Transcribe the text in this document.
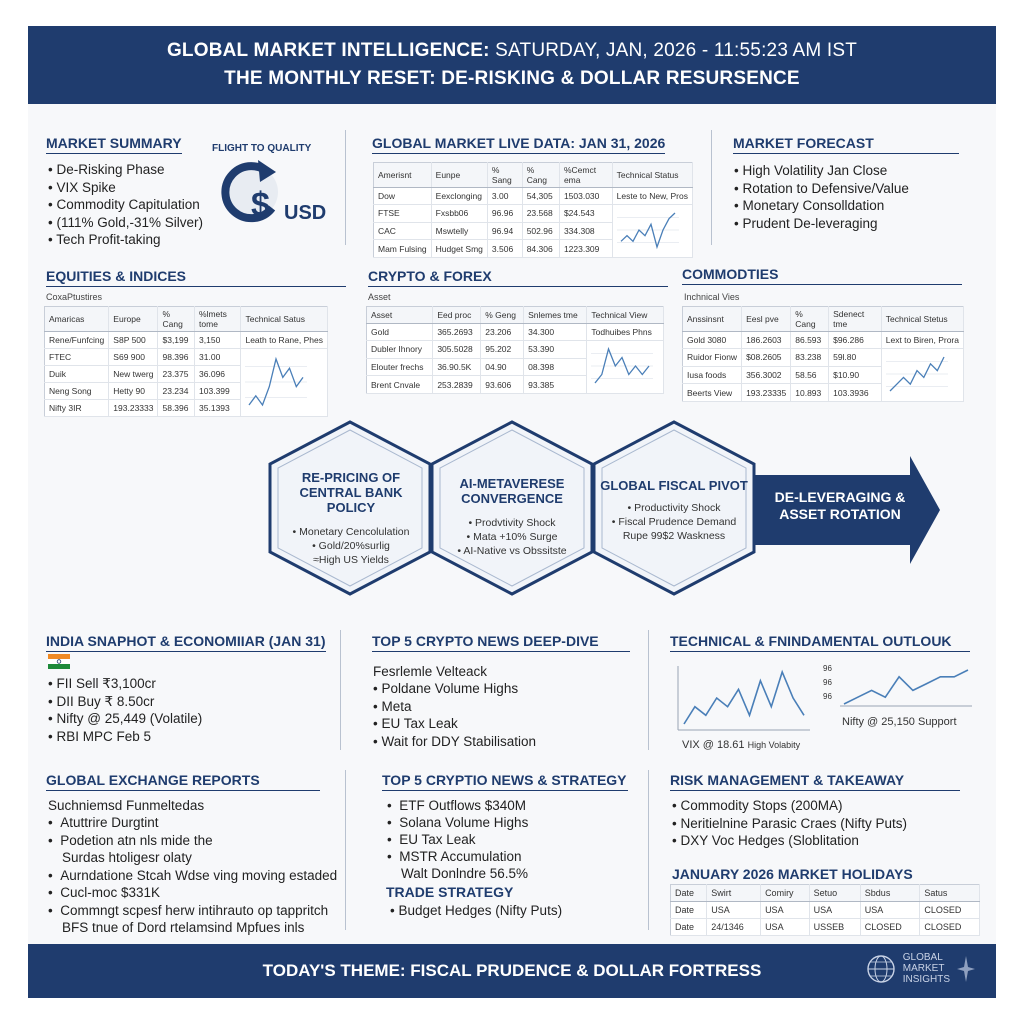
GLOBAL MARKET INTELLIGENCE: SATURDAY, JAN, 2026 - 11:55:23 AM IST
THE MONTHLY RESET: DE-RISKING & DOLLAR RESURSENCE
MARKET SUMMARY
• De-Risking Phase
• VIX Spike
• Commodity Capitulation
• (111% Gold,-31% Silver)
• Tech Profit-taking
FLIGHT TO QUALITY
$ USD
GLOBAL MARKET LIVE DATA: JAN 31, 2026
Amerisnt	Eunpe	% Sang	% Cang	%Cemct ema	Technical Status
Dow	Eexclonging	3.00	54,305	1503.030	Leste to New, Pros
FTSE	Fxsbb06	96.96	23.568	$24.543	
CAC	Mswtelly	96.94	502.96	334.308	
Mam Fulsing	Hudget Smg	3.506	84.306	1223.309	
MARKET FORECAST
• High Volatility Jan Close
• Rotation to Defensive/Value
• Monetary Consolldation
• Prudent De-leveraging
EQUITIES & INDICES
CoxaPtustires
Amaricas	Europe	% Cang	%lmets tome	Technical Satus
Rene/Funfcing	S8P 500	$3,199	3,150	Leath to Rane, Phes
FTEC	S69 900	98.396	31.00	
Duik	New twerg	23.375	36.096	
Neng Song	Hetty 90	23.234	103.399	
Nifty 3IR	193.23333	58.396	35.1393	
CRYPTO & FOREX
Asset
Asset	Eed proc	% Geng	Snlemes tme	Technical View
Gold	365.2693	23.206	34.300	Todhuibes Phns
Dubler Ihnory	305.5028	95.202	53.390	
Elouter frechs	36.90.5K	04.90	08.398	
Brent Cnvale	253.2839	93.606	93.385	
COMMODTIES
Inchnical Vies
Anssinsnt	Eesl pve	% Cang	Sdenect tme	Technical Stetus
Gold 3080	186.2603	86.593	$96.286	Lext to Biren, Prora
Ruidor Fionw	$08.2605	83.238	59l.80	
Iusa foods	356.3002	58.56	$10.90	
Beerts View	193.23335	10.893	103.3936	
RE-PRICING OF CENTRAL BANK POLICY
• Monetary Cencolulation
• Gold/20%surlig
≈High US Yields
AI-METAVERESE CONVERGENCE
• Prodvtivity Shock
• Mata +10% Surge
• AI-Native vs Obssitste
GLOBAL FISCAL PIVOT
• Productivity Shock
• Fiscal Prudence Demand
Rupe 99$2 Waskness
DE-LEVERAGING & ASSET ROTATION
INDIA SNAPHOT & ECONOMIIAR (JAN 31)
• FII Sell ₹3,100cr
• DII Buy ₹ 8.50cr
• Nifty @ 25,449 (Volatile)
• RBI MPC Feb 5
TOP 5 CRYPTO NEWS DEEP-DIVE
Fesrlemle Velteack
• Poldane Volume Highs
• Meta
• EU Tax Leak
• Wait for DDY Stabilisation
TECHNICAL & FNINDAMENTAL OUTLOUK
96
96
96
VIX @ 18.61 High Volabity
Nifty @ 25,150 Support
GLOBAL EXCHANGE REPORTS
Suchniemsd Funmeltedas
•  Atuttrire Durgtint
•  Podetion atn nls mide the
Surdas htoligesr olaty
•  Aurndatione Stcah Wdse ving moving estaded
•  Cucl-moc $331K
•  Commngt scpesf herw intihrauto op tappritch
BFS tnue of Dord rtelamsind Mpfues inls
TOP 5 CRYPTIO NEWS & STRATEGY
•  ETF Outflows $340M
•  Solana Volume Highs
•  EU Tax Leak
•  MSTR Accumulation
Walt Donlndre 56.5%
TRADE STRATEGY
• Budget Hedges (Nifty Puts)
RISK MANAGEMENT & TAKEAWAY
• Commodity Stops (200MA)
• Neritielnine Parasic Craes (Nifty Puts)
• DXY Voc Hedges (Sloblitation
JANUARY 2026 MARKET HOLIDAYS
Date	Swirt	Comiry	Setuo	Sbdus	Satus
Date	USA	USA	USA	USA	CLOSED
Date	24/1346	USA	USSEB	CLOSED	CLOSED
TODAY'S THEME: FISCAL PRUDENCE & DOLLAR FORTRESS
GLOBAL
MARKET
INSIGHTS
